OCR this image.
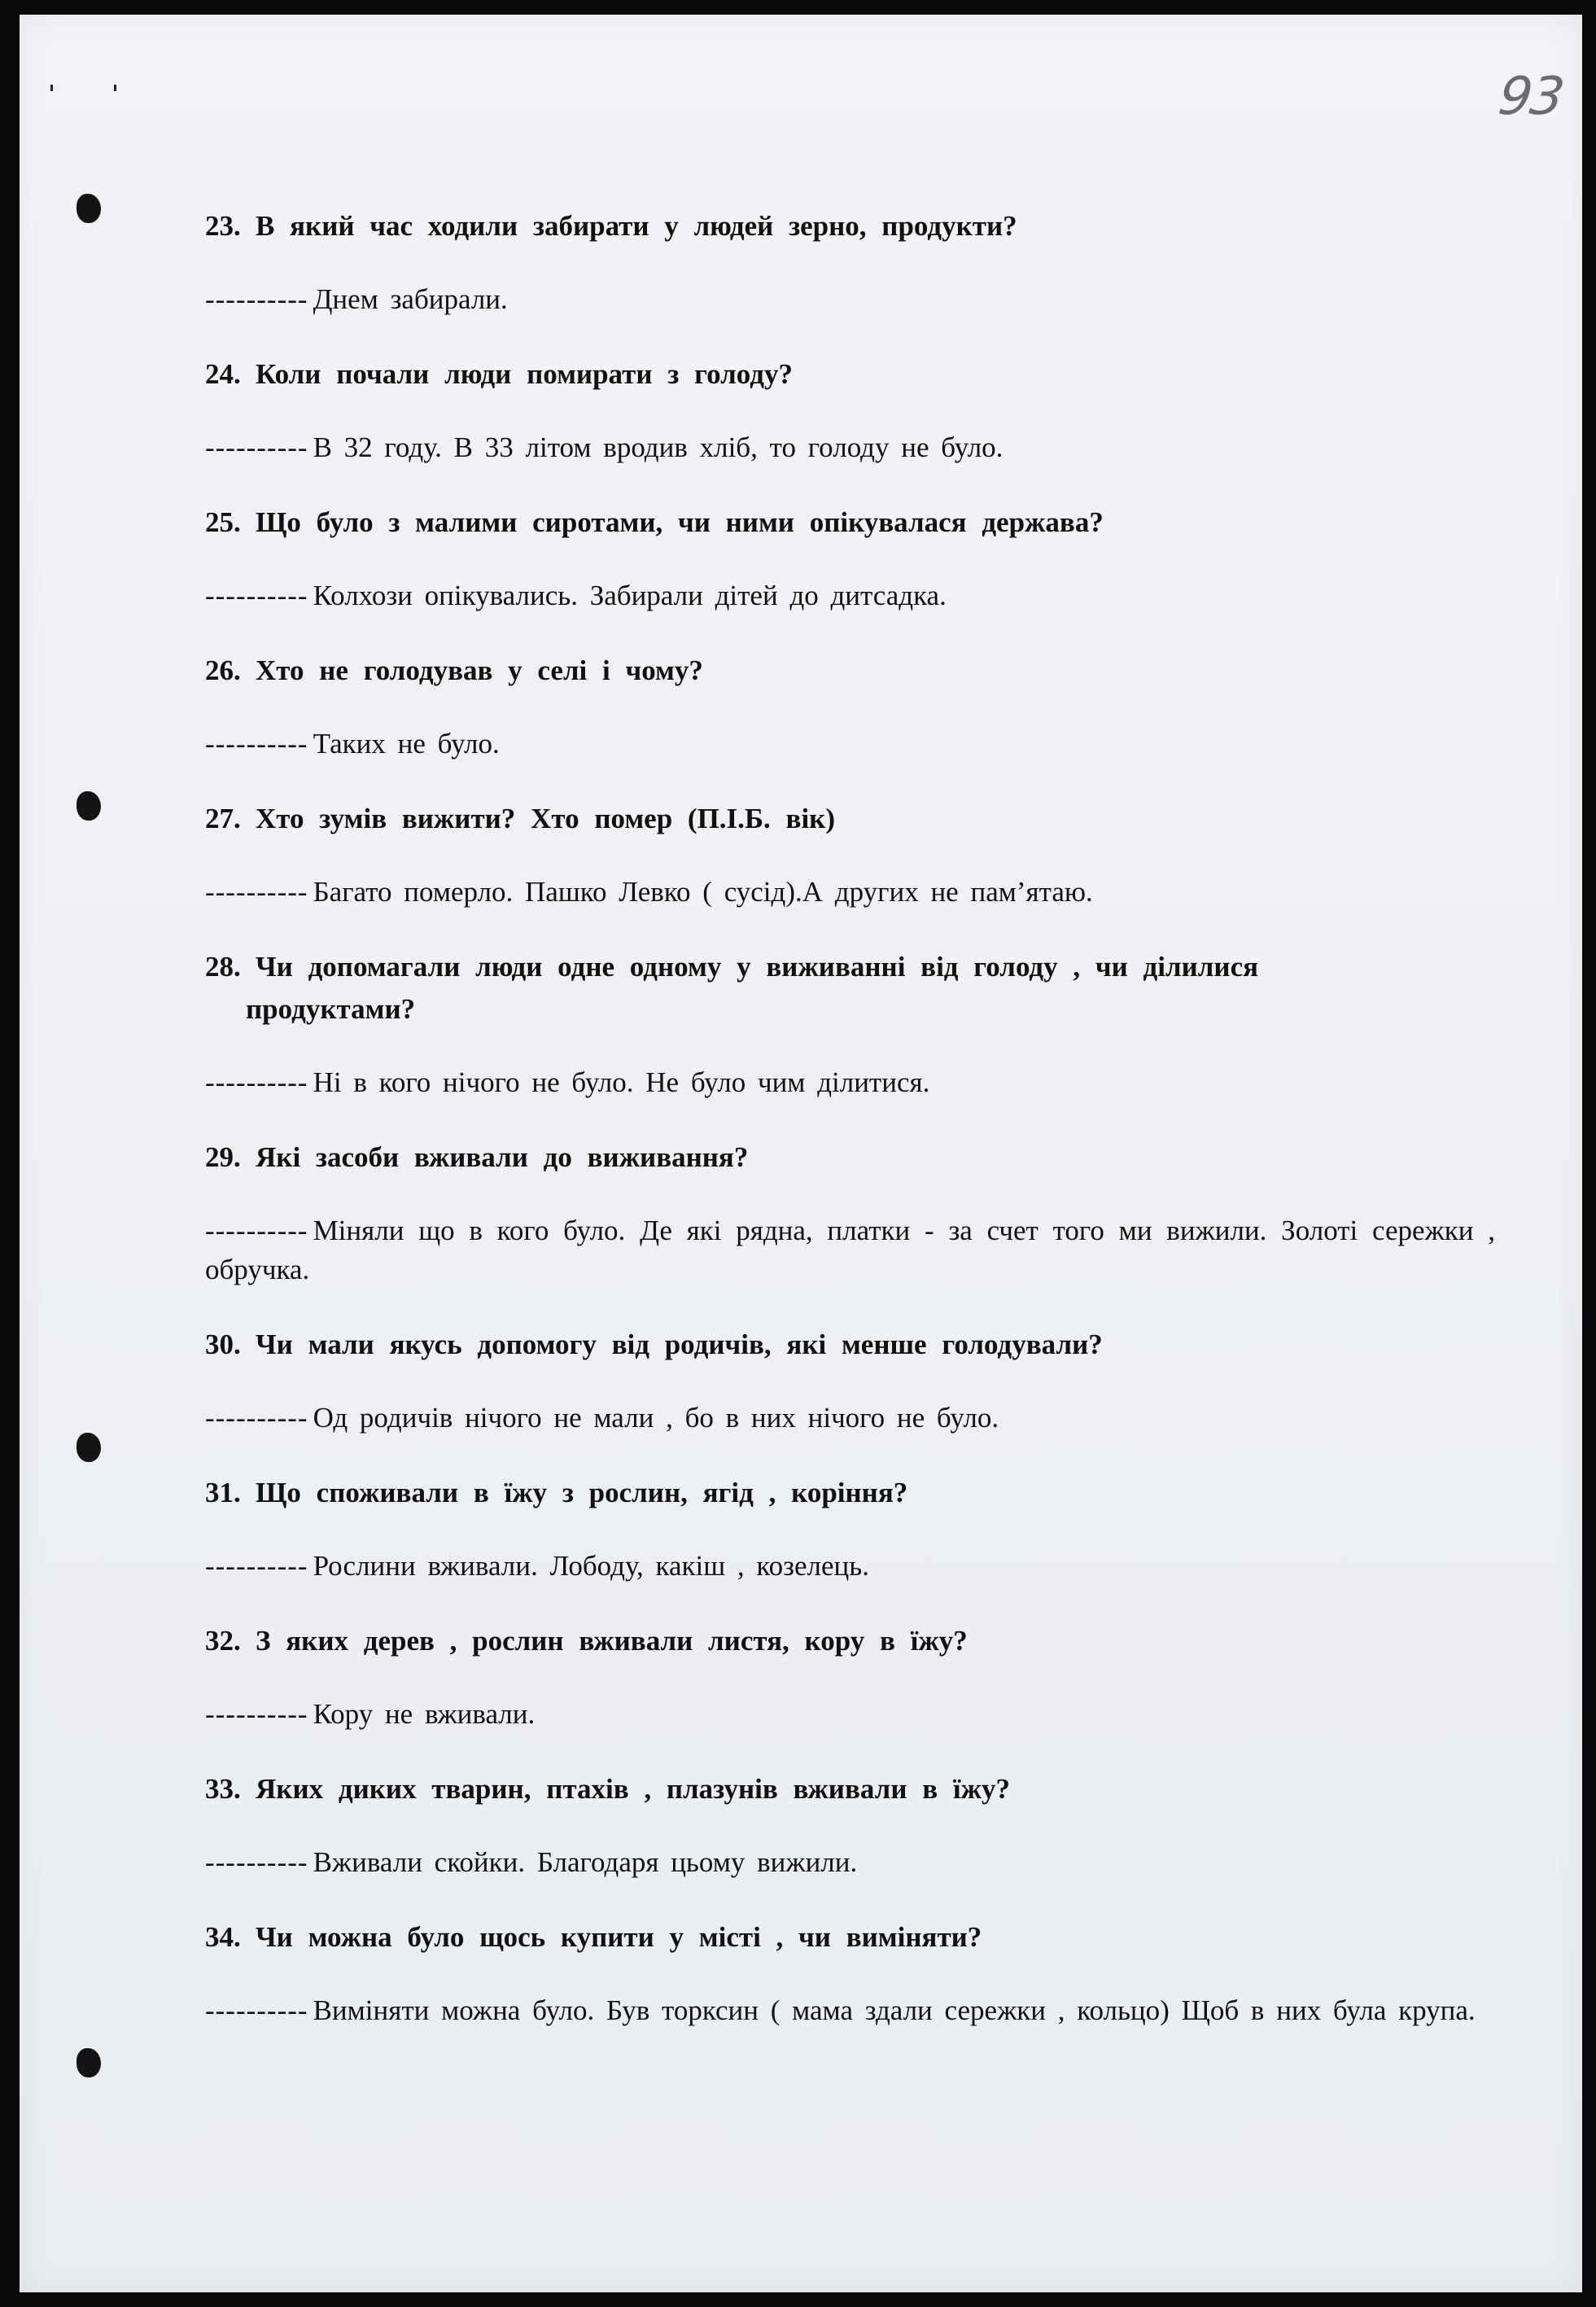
93

23. В який час ходили забирати у людей зерно, продукти?

---------- Днем забирали.

24. Коли почали люди помирати з голоду?

---------- В 32 году. В 33 літом вродив хліб, то голоду не було.

25. Що було з малими сиротами, чи ними опікувалася держава?

---------- Колхози опікувались. Забирали дітей до дитсадка.

26. Хто не голодував у селі і чому?

---------- Таких не було.

27. Хто зумів вижити? Хто помер (П.І.Б. вік)

---------- Багато померло. Пашко Левко ( сусід).А других не пам’ятаю.

28. Чи допомагали люди одне одному у виживанні від голоду , чи ділилися
продуктами?

---------- Ні в кого нічого не було. Не було чим ділитися.

29. Які засоби вживали до виживання?

---------- Міняли що в кого було. Де які рядна, платки - за счет того ми вижили. Золоті сережки , обручка.

30. Чи мали якусь допомогу від родичів, які менше голодували?

---------- Од родичів нічого не мали , бо в них нічого не було.

31. Що споживали в їжу з рослин, ягід , коріння?

---------- Рослини вживали. Лободу, какіш , козелець.

32. З яких дерев , рослин вживали листя, кору в їжу?

---------- Кору не вживали.

33. Яких диких тварин, птахів , плазунів вживали в їжу?

---------- Вживали скойки. Благодаря цьому вижили.

34. Чи можна було щось купити у місті , чи виміняти?

---------- Виміняти можна було. Був торксин ( мама здали сережки , кольцо) Щоб в них була крупа.
